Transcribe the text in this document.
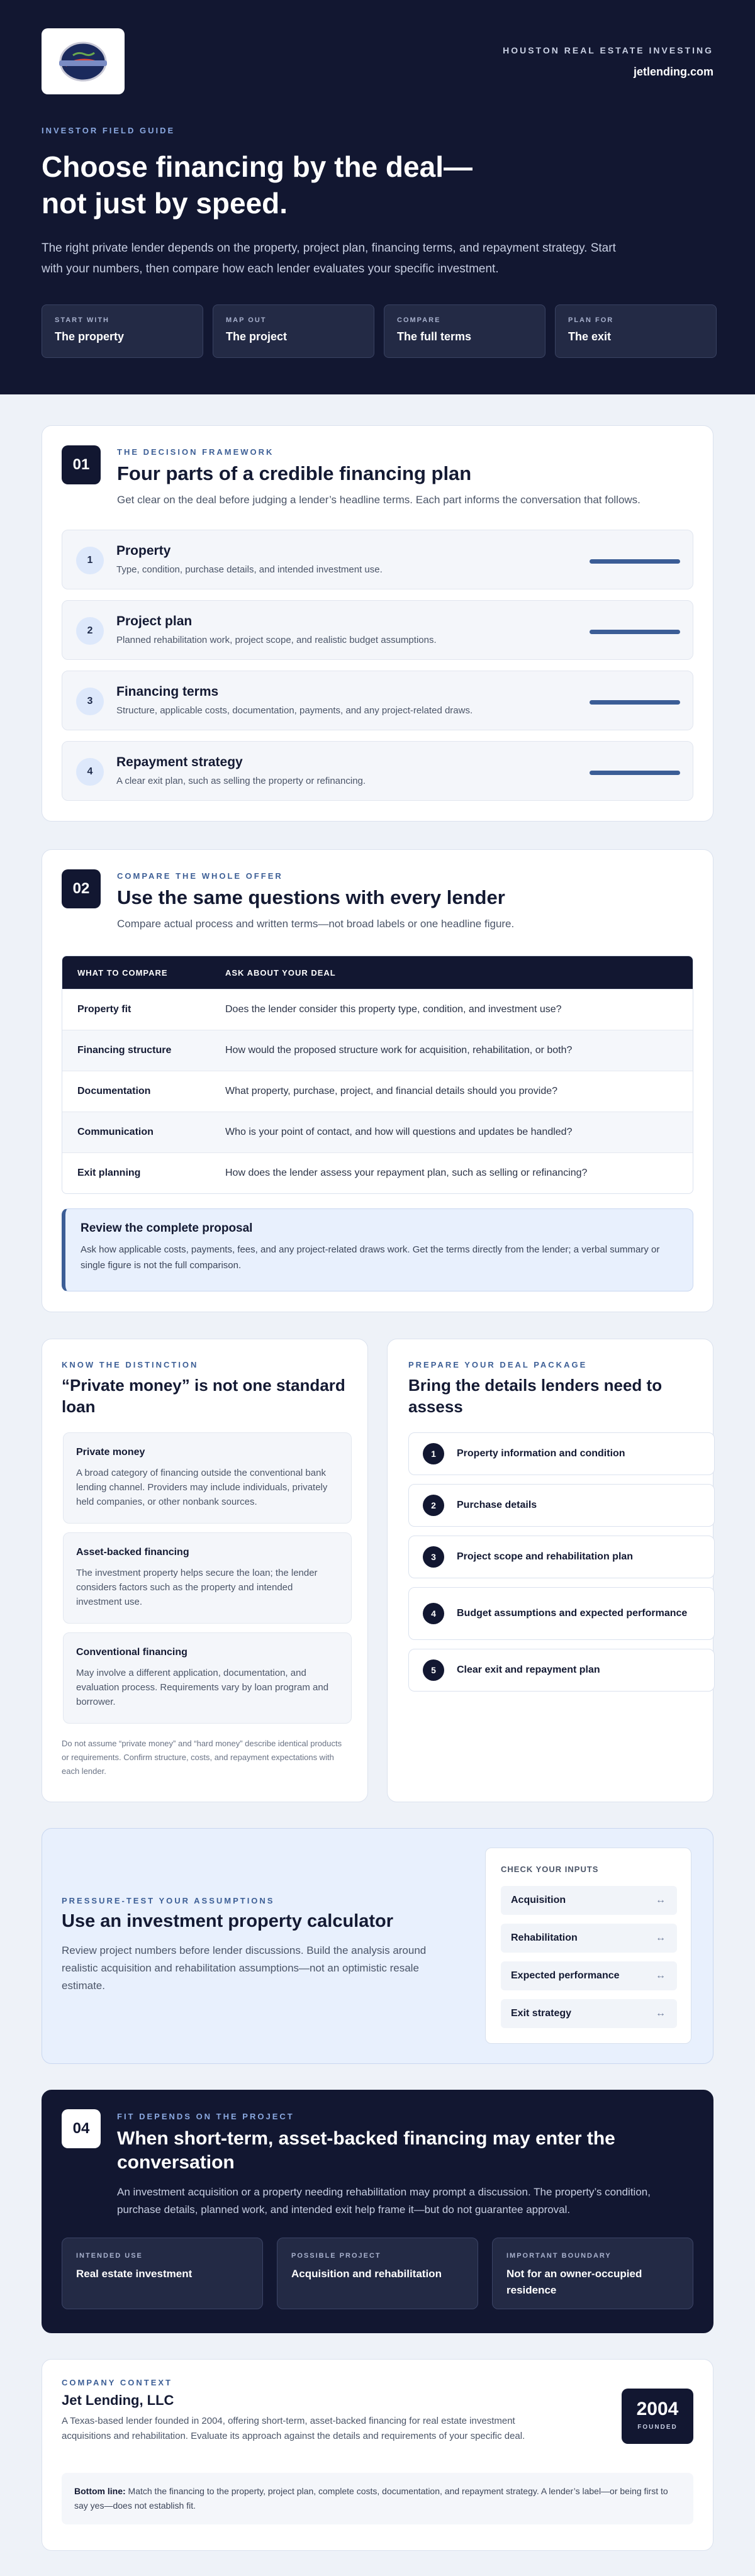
HOUSTON REAL ESTATE INVESTING
jetlending.com
INVESTOR FIELD GUIDE
Choose financing by the deal—
not just by speed.

The right private lender depends on the property, project plan, financing terms, and repayment strategy. Start with your numbers, then compare how each lender evaluates your specific investment.

START WITH
The property
MAP OUT
The project
COMPARE
The full terms
PLAN FOR
The exit
01
THE DECISION FRAMEWORK
Four parts of a credible financing plan
Get clear on the deal before judging a lender’s headline terms. Each part informs the conversation that follows.
1
Property
Type, condition, purchase details, and intended investment use.
2
Project plan
Planned rehabilitation work, project scope, and realistic budget assumptions.
3
Financing terms
Structure, applicable costs, documentation, payments, and any project-related draws.
4
Repayment strategy
A clear exit plan, such as selling the property or refinancing.
02
COMPARE THE WHOLE OFFER
Use the same questions with every lender
Compare actual process and written terms—not broad labels or one headline figure.
WHAT TO COMPARE	ASK ABOUT YOUR DEAL
Property fit	Does the lender consider this property type, condition, and investment use?
Financing structure	How would the proposed structure work for acquisition, rehabilitation, or both?
Documentation	What property, purchase, project, and financial details should you provide?
Communication	Who is your point of contact, and how will questions and updates be handled?
Exit planning	How does the lender assess your repayment plan, such as selling or refinancing?
Review the complete proposal
Ask how applicable costs, payments, fees, and any project-related draws work. Get the terms directly from the lender; a verbal summary or single figure is not the full comparison.
KNOW THE DISTINCTION
“Private money” is not one standard loan
Private money
A broad category of financing outside the conventional bank lending channel. Providers may include individuals, privately held companies, or other nonbank sources.
Asset-backed financing
The investment property helps secure the loan; the lender considers factors such as the property and intended investment use.
Conventional financing
May involve a different application, documentation, and evaluation process. Requirements vary by loan program and borrower.
Do not assume “private money” and “hard money” describe identical products or requirements. Confirm structure, costs, and repayment expectations with each lender.
PREPARE YOUR DEAL PACKAGE
Bring the details lenders need to assess
1	Property information and condition
2	Purchase details
3	Project scope and rehabilitation plan
4	Budget assumptions and expected performance
5	Clear exit and repayment plan
PRESSURE-TEST YOUR ASSUMPTIONS
Use an investment property calculator
Review project numbers before lender discussions. Build the analysis around realistic acquisition and rehabilitation assumptions—not an optimistic resale estimate.
CHECK YOUR INPUTS
Acquisition	↔
Rehabilitation	↔
Expected performance	↔
Exit strategy	↔
04
FIT DEPENDS ON THE PROJECT
When short-term, asset-backed financing may enter the conversation
An investment acquisition or a property needing rehabilitation may prompt a discussion. The property’s condition, purchase details, planned work, and intended exit help frame it—but do not guarantee approval.
INTENDED USE
Real estate investment
POSSIBLE PROJECT
Acquisition and rehabilitation
IMPORTANT BOUNDARY
Not for an owner-occupied residence
COMPANY CONTEXT
Jet Lending, LLC
A Texas-based lender founded in 2004, offering short-term, asset-backed financing for real estate investment acquisitions and rehabilitation. Evaluate its approach against the details and requirements of your specific deal.
2004
FOUNDED
Bottom line: Match the financing to the property, project plan, complete costs, documentation, and repayment strategy. A lender’s label—or being first to say yes—does not establish fit.
